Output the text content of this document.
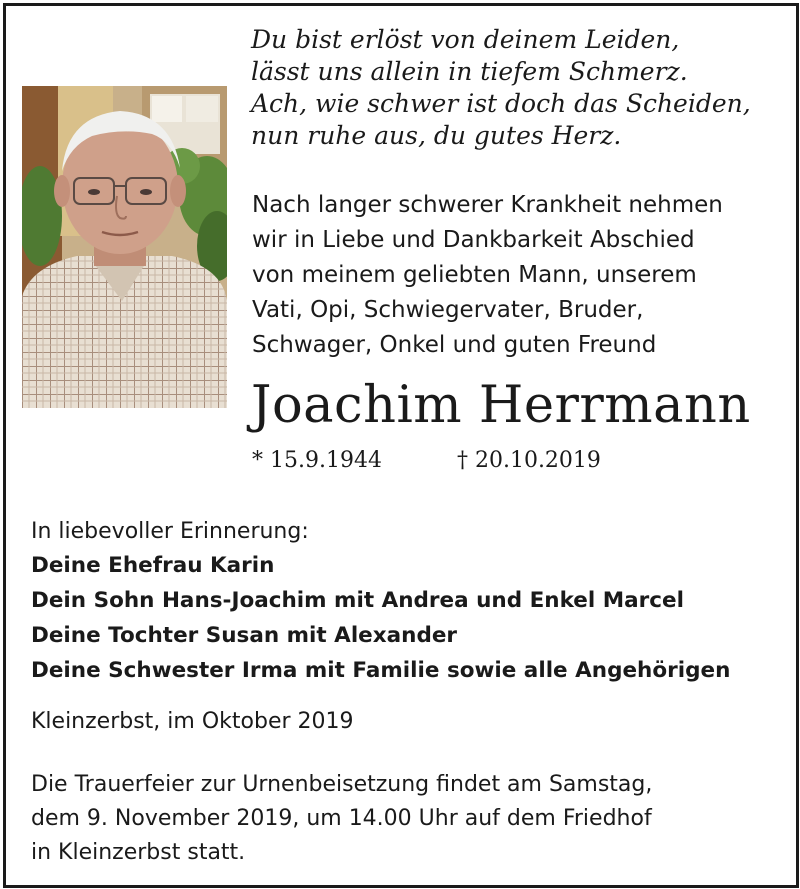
Du bist erlöst von deinem Leiden,
lässt uns allein in tiefem Schmerz.
Ach, wie schwer ist doch das Scheiden,
nun ruhe aus, du gutes Herz.
Nach langer schwerer Krankheit nehmen
wir in Liebe und Dankbarkeit Abschied
von meinem geliebten Mann, unserem
Vati, Opi, Schwiegervater, Bruder,
Schwager, Onkel und guten Freund
Joachim Herrmann
* 15.9.1944	† 20.10.2019
In liebevoller Erinnerung:
Deine Ehefrau Karin
Dein Sohn Hans-Joachim mit Andrea und Enkel Marcel
Deine Tochter Susan mit Alexander
Deine Schwester Irma mit Familie sowie alle Angehörigen
Kleinzerbst, im Oktober 2019
Die Trauerfeier zur Urnenbeisetzung findet am Samstag,
dem 9. November 2019, um 14.00 Uhr auf dem Friedhof
in Kleinzerbst statt.
